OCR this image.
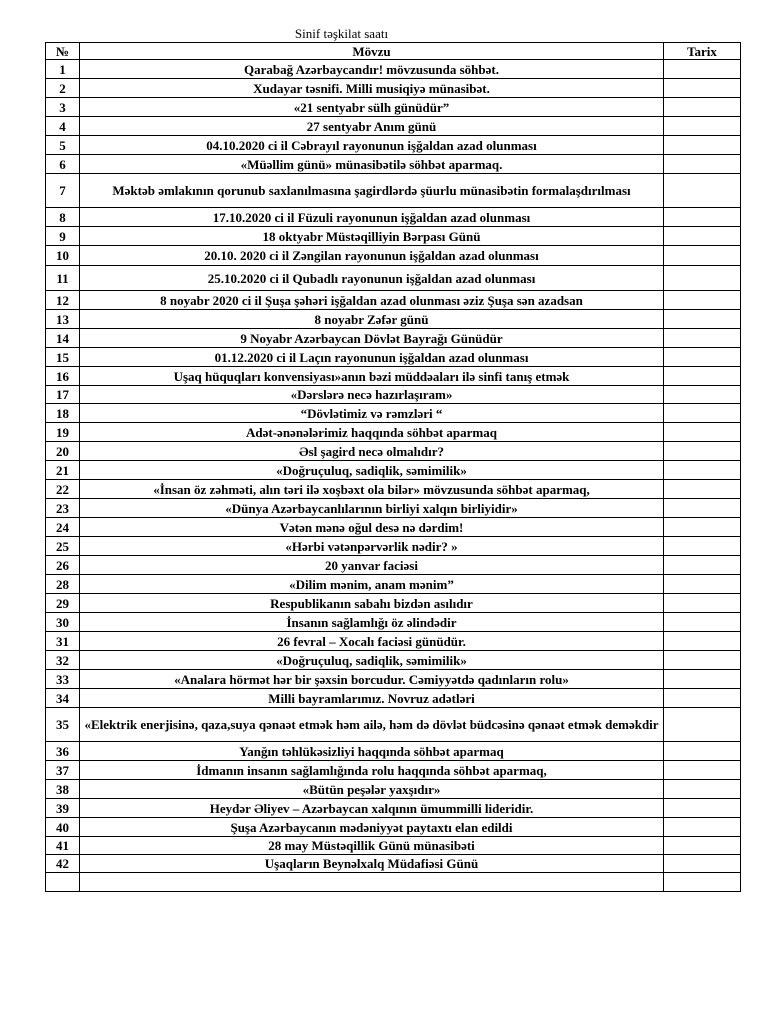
Sinif təşkilat saatı
№	Mövzu	Tarix
1	Qarabağ Azərbaycandır! mövzusunda söhbət.	
2	Xudayar təsnifi. Milli musiqiyə münasibət.	
3	«21 sentyabr sülh günüdür”	
4	27 sentyabr Anım günü	
5	04.10.2020 ci il Cəbrayıl rayonunun işğaldan azad olunması	
6	«Müəllim günü» münasibətilə söhbət aparmaq.	
7	Məktəb əmlakının qorunub saxlanılmasına şagirdlərdə şüurlu münasibətin formalaşdırılması	
8	17.10.2020 ci il Füzuli rayonunun işğaldan azad olunması	
9	18 oktyabr Müstəqilliyin Bərpası Günü	
10	20.10. 2020 ci il Zəngilan rayonunun işğaldan azad olunması	
11	25.10.2020 ci il Qubadlı rayonunun işğaldan azad olunması	
12	8 noyabr 2020 ci il Şuşa şəhəri işğaldan azad olunması əziz Şuşa sən azadsan	
13	8 noyabr Zəfər günü	
14	9 Noyabr Azərbaycan Dövlət Bayrağı Günüdür	
15	01.12.2020 ci il Laçın rayonunun işğaldan azad olunması	
16	Uşaq hüquqları konvensiyası»anın bəzi müddəaları ilə sinfi tanış etmək	
17	«Dərslərə necə hazırlaşıram»	
18	“Dövlətimiz və rəmzləri “	
19	Adət-ənənələrimiz haqqında söhbət aparmaq	
20	Əsl şagird necə olmalıdır?	
21	«Doğruçuluq, sadiqlik, səmimilik»	
22	«İnsan öz zəhməti, alın təri ilə xoşbəxt ola bilər» mövzusunda söhbət aparmaq,	
23	«Dünya Azərbaycanlılarının birliyi xalqın birliyidir»	
24	Vətən mənə oğul desə nə dərdim!	
25	«Hərbi vətənpərvərlik nədir? »	
26	20 yanvar faciəsi	
28	«Dilim mənim, anam mənim”	
29	Respublikanın sabahı bizdən asılıdır	
30	İnsanın sağlamlığı öz əlindədir	
31	26 fevral – Xocalı faciəsi günüdür.	
32	«Doğruçuluq, sadiqlik, səmimilik»	
33	«Analara hörmət hər bir şəxsin borcudur. Cəmiyyətdə qadınların rolu»	
34	Milli bayramlarımız. Novruz adətləri	
35	«Elektrik enerjisinə, qaza,suya qənaət etmək həm ailə, həm də dövlət büdcəsinə qənaət etmək deməkdir	
36	Yanğın təhlükəsizliyi haqqında söhbət aparmaq	
37	İdmanın insanın sağlamlığında rolu haqqında söhbət aparmaq,	
38	«Bütün peşələr yaxşıdır»	
39	Heydər Əliyev – Azərbaycan xalqının ümummilli lideridir.	
40	Şuşa Azərbaycanın mədəniyyət paytaxtı elan edildi	
41	28 may Müstəqillik Günü münasibəti	
42	Uşaqların Beynəlxalq Müdafiəsi Günü	
